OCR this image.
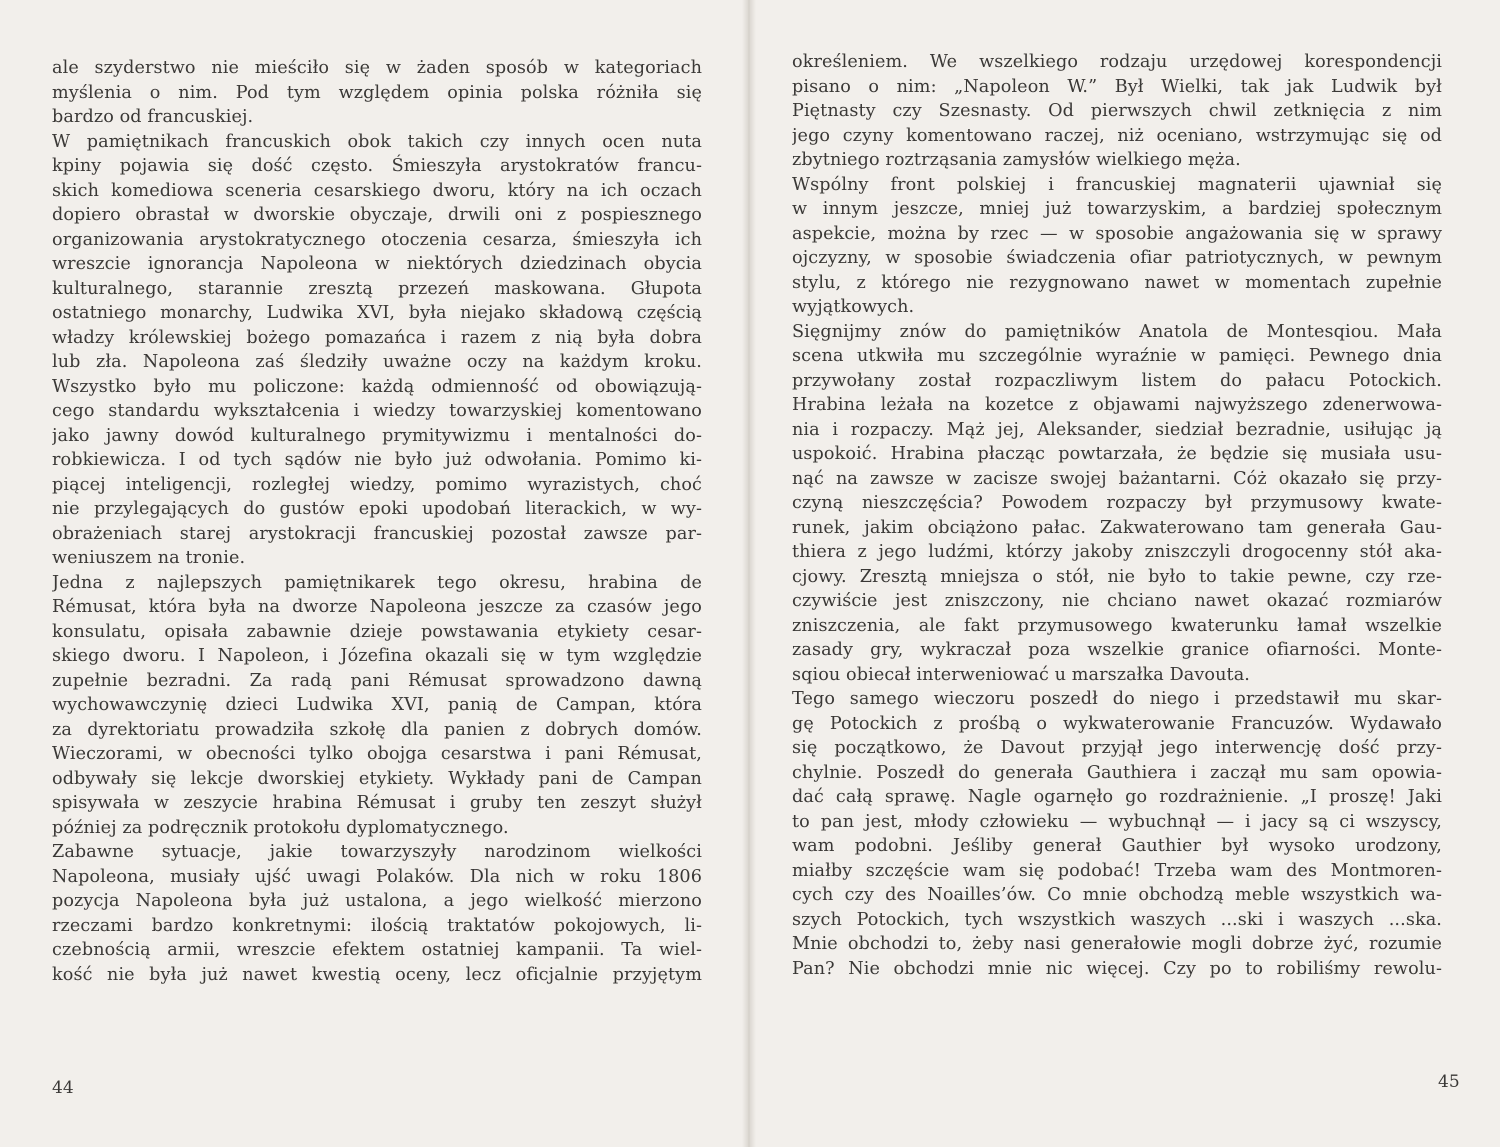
ale szyderstwo nie mieściło się w żaden sposób w kategoriach
myślenia o nim. Pod tym względem opinia polska różniła się
bardzo od francuskiej.
W pamiętnikach francuskich obok takich czy innych ocen nuta
kpiny pojawia się dość często. Śmieszyła arystokratów francu-
skich komediowa sceneria cesarskiego dworu, który na ich oczach
dopiero obrastał w dworskie obyczaje, drwili oni z pospiesznego
organizowania arystokratycznego otoczenia cesarza, śmieszyła ich
wreszcie ignorancja Napoleona w niektórych dziedzinach obycia
kulturalnego, starannie zresztą przezeń maskowana. Głupota
ostatniego monarchy, Ludwika XVI, była niejako składową częścią
władzy królewskiej bożego pomazańca i razem z nią była dobra
lub zła. Napoleona zaś śledziły uważne oczy na każdym kroku.
Wszystko było mu policzone: każdą odmienność od obowiązują-
cego standardu wykształcenia i wiedzy towarzyskiej komentowano
jako jawny dowód kulturalnego prymitywizmu i mentalności do-
robkiewicza. I od tych sądów nie było już odwołania. Pomimo ki-
piącej inteligencji, rozległej wiedzy, pomimo wyrazistych, choć
nie przylegających do gustów epoki upodobań literackich, w wy-
obrażeniach starej arystokracji francuskiej pozostał zawsze par-
weniuszem na tronie.
Jedna z najlepszych pamiętnikarek tego okresu, hrabina de
Rémusat, która była na dworze Napoleona jeszcze za czasów jego
konsulatu, opisała zabawnie dzieje powstawania etykiety cesar-
skiego dworu. I Napoleon, i Józefina okazali się w tym względzie
zupełnie bezradni. Za radą pani Rémusat sprowadzono dawną
wychowawczynię dzieci Ludwika XVI, panią de Campan, która
za dyrektoriatu prowadziła szkołę dla panien z dobrych domów.
Wieczorami, w obecności tylko obojga cesarstwa i pani Rémusat,
odbywały się lekcje dworskiej etykiety. Wykłady pani de Campan
spisywała w zeszycie hrabina Rémusat i gruby ten zeszyt służył
później za podręcznik protokołu dyplomatycznego.
Zabawne sytuacje, jakie towarzyszyły narodzinom wielkości
Napoleona, musiały ujść uwagi Polaków. Dla nich w roku 1806
pozycja Napoleona była już ustalona, a jego wielkość mierzono
rzeczami bardzo konkretnymi: ilością traktatów pokojowych, li-
czebnością armii, wreszcie efektem ostatniej kampanii. Ta wiel-
kość nie była już nawet kwestią oceny, lecz oficjalnie przyjętym
44
określeniem. We wszelkiego rodzaju urzędowej korespondencji
pisano o nim: „Napoleon W.” Był Wielki, tak jak Ludwik był
Piętnasty czy Szesnasty. Od pierwszych chwil zetknięcia z nim
jego czyny komentowano raczej, niż oceniano, wstrzymując się od
zbytniego roztrząsania zamysłów wielkiego męża.
Wspólny front polskiej i francuskiej magnaterii ujawniał się
w innym jeszcze, mniej już towarzyskim, a bardziej społecznym
aspekcie, można by rzec — w sposobie angażowania się w sprawy
ojczyzny, w sposobie świadczenia ofiar patriotycznych, w pewnym
stylu, z którego nie rezygnowano nawet w momentach zupełnie
wyjątkowych.
Sięgnijmy znów do pamiętników Anatola de Montesqiou. Mała
scena utkwiła mu szczególnie wyraźnie w pamięci. Pewnego dnia
przywołany został rozpaczliwym listem do pałacu Potockich.
Hrabina leżała na kozetce z objawami najwyższego zdenerwowa-
nia i rozpaczy. Mąż jej, Aleksander, siedział bezradnie, usiłując ją
uspokoić. Hrabina płacząc powtarzała, że będzie się musiała usu-
nąć na zawsze w zacisze swojej bażantarni. Cóż okazało się przy-
czyną nieszczęścia? Powodem rozpaczy był przymusowy kwate-
runek, jakim obciążono pałac. Zakwaterowano tam generała Gau-
thiera z jego ludźmi, którzy jakoby zniszczyli drogocenny stół aka-
cjowy. Zresztą mniejsza o stół, nie było to takie pewne, czy rze-
czywiście jest zniszczony, nie chciano nawet okazać rozmiarów
zniszczenia, ale fakt przymusowego kwaterunku łamał wszelkie
zasady gry, wykraczał poza wszelkie granice ofiarności. Monte-
sqiou obiecał interweniować u marszałka Davouta.
Tego samego wieczoru poszedł do niego i przedstawił mu skar-
gę Potockich z prośbą o wykwaterowanie Francuzów. Wydawało
się początkowo, że Davout przyjął jego interwencję dość przy-
chylnie. Poszedł do generała Gauthiera i zaczął mu sam opowia-
dać całą sprawę. Nagle ogarnęło go rozdrażnienie. „I proszę! Jaki
to pan jest, młody człowieku — wybuchnął — i jacy są ci wszyscy,
wam podobni. Jeśliby generał Gauthier był wysoko urodzony,
miałby szczęście wam się podobać! Trzeba wam des Montmoren-
cych czy des Noailles’ów. Co mnie obchodzą meble wszystkich wa-
szych Potockich, tych wszystkich waszych ...ski i waszych ...ska.
Mnie obchodzi to, żeby nasi generałowie mogli dobrze żyć, rozumie
Pan? Nie obchodzi mnie nic więcej. Czy po to robiliśmy rewolu-
45
